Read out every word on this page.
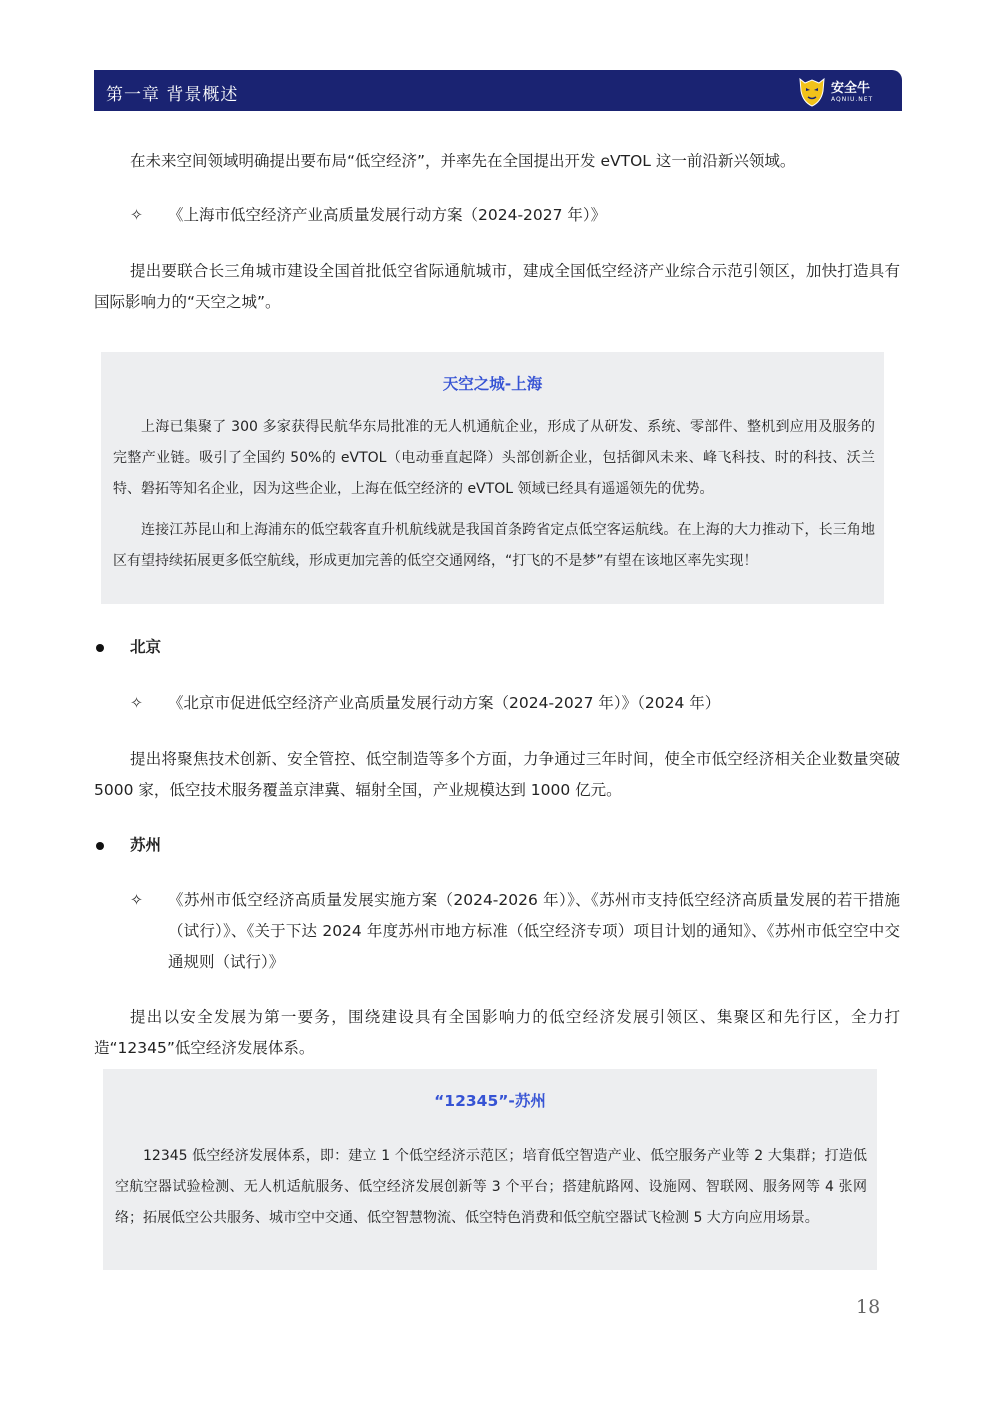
第一章 背景概述	安全牛
AQNIU.NET

在未来空间领域明确提出要布局“低空经济”，并率先在全国提出开发 eVTOL 这一前沿新兴领域。

✧ 《上海市低空经济产业高质量发展行动方案（2024-2027 年）》

提出要联合长三角城市建设全国首批低空省际通航城市，建成全国低空经济产业综合示范引领区，加快打造具有国际影响力的“天空之城”。

天空之城-上海

上海已集聚了 300 多家获得民航华东局批准的无人机通航企业，形成了从研发、系统、零部件、整机到应用及服务的完整产业链。吸引了全国约 50%的 eVTOL（电动垂直起降）头部创新企业，包括御风未来、峰飞科技、时的科技、沃兰特、磐拓等知名企业，因为这些企业，上海在低空经济的 eVTOL 领域已经具有遥遥领先的优势。

连接江苏昆山和上海浦东的低空载客直升机航线就是我国首条跨省定点低空客运航线。在上海的大力推动下，长三角地区有望持续拓展更多低空航线，形成更加完善的低空交通网络，“打飞的不是梦”有望在该地区率先实现！

北京
✧ 《北京市促进低空经济产业高质量发展行动方案（2024-2027 年）》（2024 年）

提出将聚焦技术创新、安全管控、低空制造等多个方面，力争通过三年时间，使全市低空经济相关企业数量突破 5000 家，低空技术服务覆盖京津冀、辐射全国，产业规模达到 1000 亿元。

苏州
✧ 《苏州市低空经济高质量发展实施方案（2024-2026 年）》、《苏州市支持低空经济高质量发展的若干措施（试行）》、《关于下达 2024 年度苏州市地方标准（低空经济专项）项目计划的通知》、《苏州市低空空中交通规则（试行）》

提出以安全发展为第一要务，围绕建设具有全国影响力的低空经济发展引领区、集聚区和先行区，全力打造“12345”低空经济发展体系。

“12345”-苏州

12345 低空经济发展体系，即：建立 1 个低空经济示范区；培育低空智造产业、低空服务产业等 2 大集群；打造低空航空器试验检测、无人机适航服务、低空经济发展创新等 3 个平台；搭建航路网、设施网、智联网、服务网等 4 张网络；拓展低空公共服务、城市空中交通、低空智慧物流、低空特色消费和低空航空器试飞检测 5 大方向应用场景。

18
